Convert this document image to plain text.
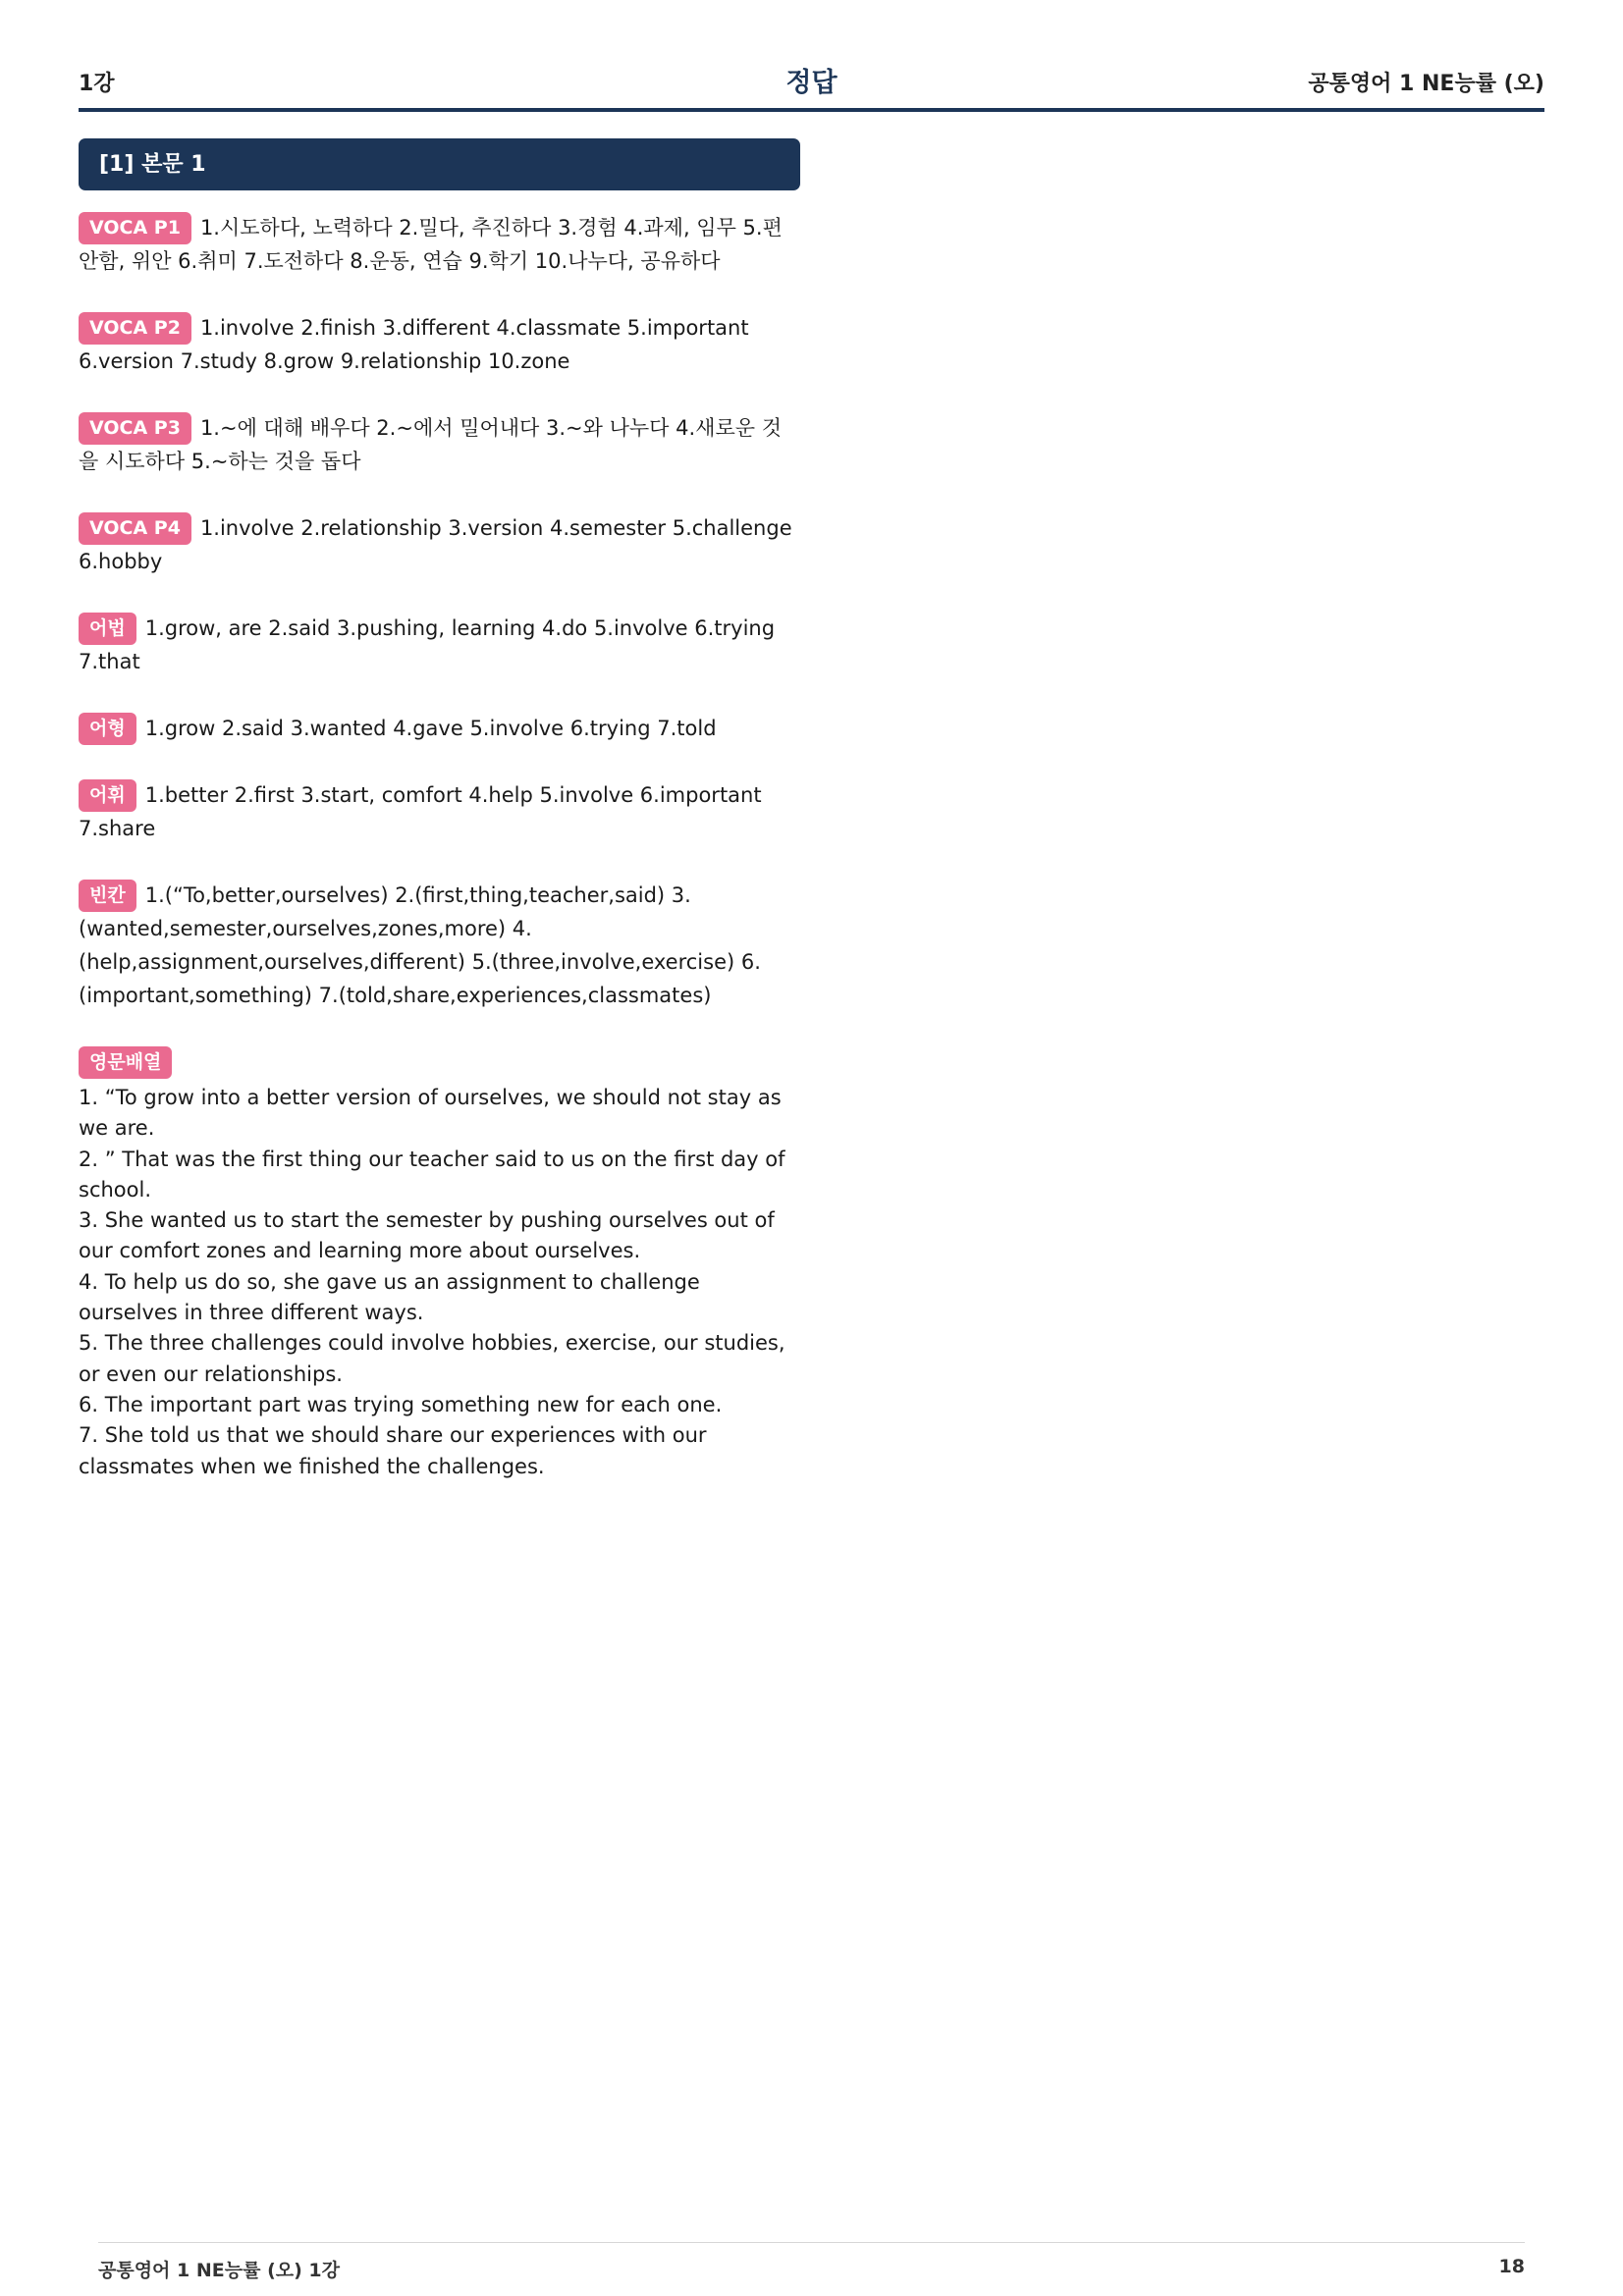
1강	정답	공통영어 1 NE능률 (오)
[1] 본문 1
VOCA P1 1.시도하다, 노력하다 2.밀다, 추진하다 3.경험 4.과제, 임무 5.편안함, 위안 6.취미 7.도전하다 8.운동, 연습 9.학기 10.나누다, 공유하다
VOCA P2 1.involve 2.finish 3.different 4.classmate 5.important 6.version 7.study 8.grow 9.relationship 10.zone
VOCA P3 1.~에 대해 배우다 2.~에서 밀어내다 3.~와 나누다 4.새로운 것을 시도하다 5.~하는 것을 돕다
VOCA P4 1.involve 2.relationship 3.version 4.semester 5.challenge 6.hobby
어법 1.grow, are 2.said 3.pushing, learning 4.do 5.involve 6.trying 7.that
어형 1.grow 2.said 3.wanted 4.gave 5.involve 6.trying 7.told
어휘 1.better 2.first 3.start, comfort 4.help 5.involve 6.important 7.share
빈칸 1.(“To,better,ourselves) 2.(first,thing,teacher,said) 3.(wanted,semester,ourselves,zones,more) 4.(help,assignment,ourselves,different) 5.(three,involve,exercise) 6.(important,something) 7.(told,share,experiences,classmates)
영문배열
1. “To grow into a better version of ourselves, we should not stay as we are.
2. ” That was the first thing our teacher said to us on the first day of school.
3. She wanted us to start the semester by pushing ourselves out of our comfort zones and learning more about ourselves.
4. To help us do so, she gave us an assignment to challenge ourselves in three different ways.
5. The three challenges could involve hobbies, exercise, our studies, or even our relationships.
6. The important part was trying something new for each one.
7. She told us that we should share our experiences with our classmates when we finished the challenges.
공통영어 1 NE능률 (오) 1강	18
